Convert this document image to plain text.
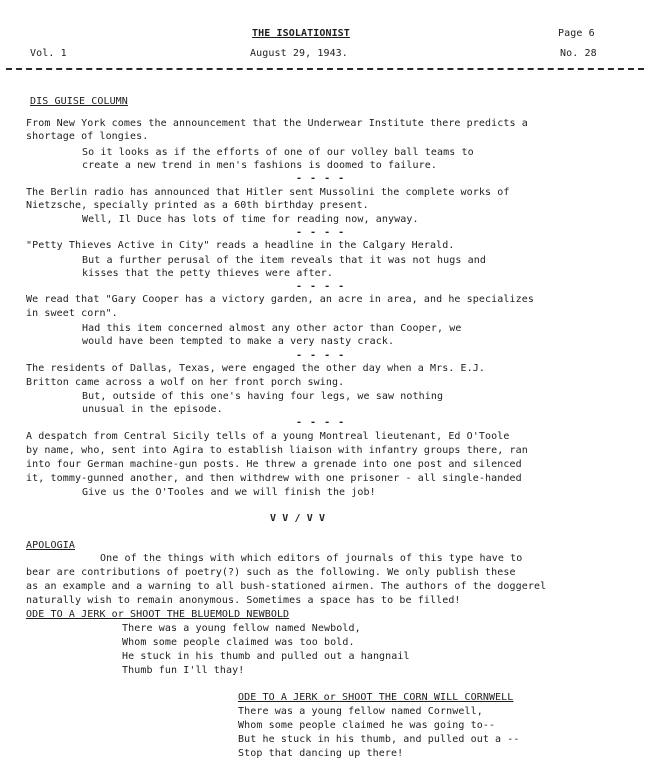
THE ISOLATIONIST	Page 6
Vol. 1	August 29, 1943.	No. 28
DIS GUISE COLUMN
From New York comes the announcement that the Underwear Institute there predicts a
shortage of longies.
So it looks as if the efforts of one of our volley ball teams to
create a new trend in men's fashions is doomed to failure.
- - - -
The Berlin radio has announced that Hitler sent Mussolini the complete works of
Nietzsche, specially printed as a 60th birthday present.
Well, Il Duce has lots of time for reading now, anyway.
- - - -
"Petty Thieves Active in City" reads a headline in the Calgary Herald.
But a further perusal of the item reveals that it was not hugs and
kisses that the petty thieves were after.
- - - -
We read that "Gary Cooper has a victory garden, an acre in area, and he specializes
in sweet corn".
Had this item concerned almost any other actor than Cooper, we
would have been tempted to make a very nasty crack.
- - - -
The residents of Dallas, Texas, were engaged the other day when a Mrs. E.J.
Britton came across a wolf on her front porch swing.
But, outside of this one's having four legs, we saw nothing
unusual in the episode.
- - - -
A despatch from Central Sicily tells of a young Montreal lieutenant, Ed O'Toole
by name, who, sent into Agira to establish liaison with infantry groups there, ran
into four German machine-gun posts. He threw a grenade into one post and silenced
it, tommy-gunned another, and then withdrew with one prisoner - all single-handed
Give us the O'Tooles and we will finish the job!
V V / V V
APOLOGIA
One of the things with which editors of journals of this type have to
bear are contributions of poetry(?) such as the following. We only publish these
as an example and a warning to all bush-stationed airmen. The authors of the doggerel
naturally wish to remain anonymous. Sometimes a space has to be filled!
ODE TO A JERK or SHOOT THE BLUEMOLD NEWBOLD
There was a young fellow named Newbold,
Whom some people claimed was too bold.
He stuck in his thumb and pulled out a hangnail
Thumb fun I'll thay!
ODE TO A JERK or SHOOT THE CORN WILL CORNWELL
There was a young fellow named Cornwell,
Whom some people claimed he was going to--
But he stuck in his thumb, and pulled out a --
Stop that dancing up there!
